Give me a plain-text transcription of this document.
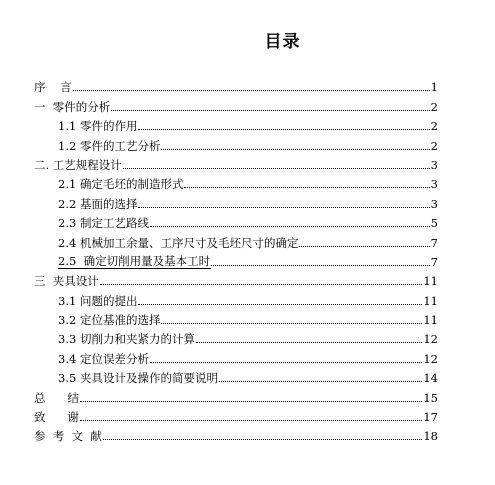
目录
序    言	1
一  零件的分析	2
1.1 零件的作用	2
1.2 零件的工艺分析	2
二. 工艺规程设计	3
2.1 确定毛坯的制造形式	3
2.2 基面的选择	3
2.3 制定工艺路线	5
2.4 机械加工余量、工序尺寸及毛坯尺寸的确定	7
2.5  确定切削用量及基本工时	7
三  夹具设计	11
3.1 问题的提出	11
3.2 定位基准的选择	11
3.3 切削力和夹紧力的计算	12
3.4 定位误差分析	12
3.5 夹具设计及操作的简要说明	14
总      结	15
致      谢	17
参  考  文  献	18
